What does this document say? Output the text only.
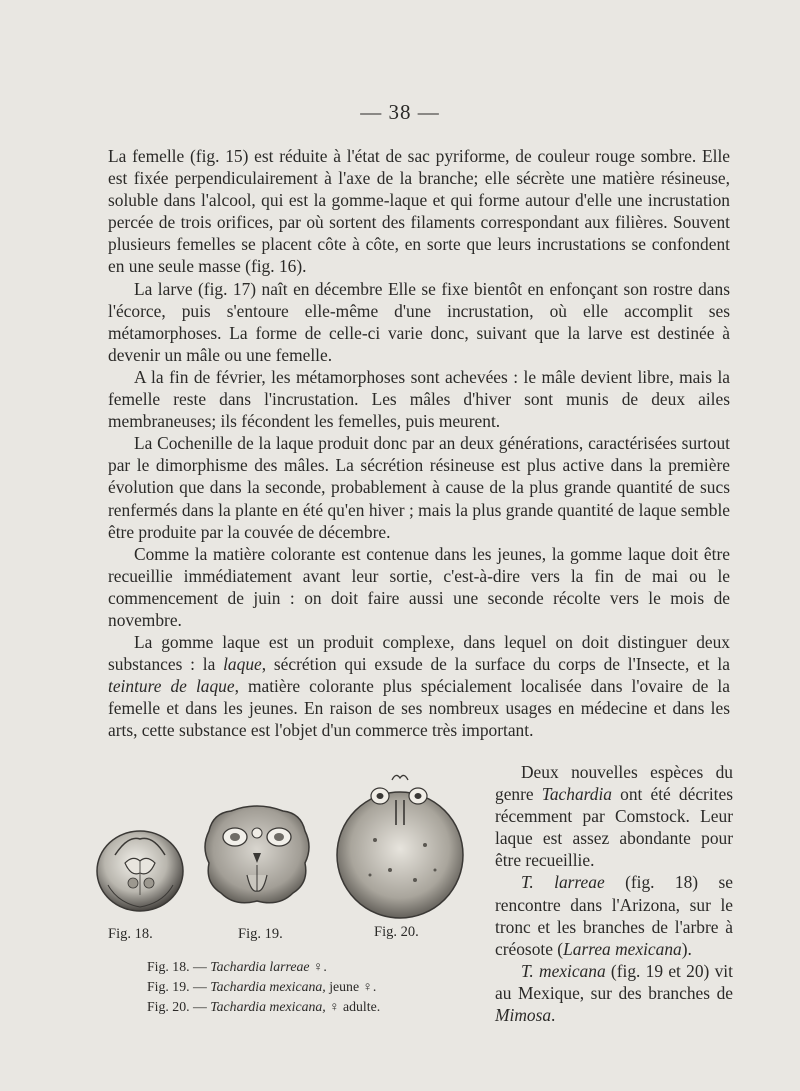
— 38 —

La femelle (fig. 15) est réduite à l'état de sac pyriforme, de couleur rouge sombre. Elle est fixée perpendiculairement à l'axe de la branche; elle sécrète une matière résineuse, soluble dans l'alcool, qui est la gomme-laque et qui forme autour d'elle une incrustation percée de trois orifices, par où sortent des filaments correspondant aux filières. Souvent plusieurs femelles se placent côte à côte, en sorte que leurs incrustations se confondent en une seule masse (fig. 16).

La larve (fig. 17) naît en décembre Elle se fixe bientôt en enfonçant son rostre dans l'écorce, puis s'entoure elle-même d'une incrustation, où elle accomplit ses métamorphoses. La forme de celle-ci varie donc, suivant que la larve est destinée à devenir un mâle ou une femelle.

A la fin de février, les métamorphoses sont achevées : le mâle devient libre, mais la femelle reste dans l'incrustation. Les mâles d'hiver sont munis de deux ailes membraneuses; ils fécondent les femelles, puis meurent.

La Cochenille de la laque produit donc par an deux générations, caractérisées surtout par le dimorphisme des mâles. La sécrétion résineuse est plus active dans la première évolution que dans la seconde, probablement à cause de la plus grande quantité de sucs renfermés dans la plante en été qu'en hiver ; mais la plus grande quantité de laque semble être produite par la couvée de décembre.

Comme la matière colorante est contenue dans les jeunes, la gomme laque doit être recueillie immédiatement avant leur sortie, c'est-à-dire vers la fin de mai ou le commencement de juin : on doit faire aussi une seconde récolte vers le mois de novembre.

La gomme laque est un produit complexe, dans lequel on doit distinguer deux substances : la laque, sécrétion qui exsude de la surface du corps de l'Insecte, et la teinture de laque, matière colorante plus spécialement localisée dans l'ovaire de la femelle et dans les jeunes. En raison de ses nombreux usages en médecine et dans les arts, cette substance est l'objet d'un commerce très important.

Deux nouvelles espèces du genre Tachardia ont été décrites récemment par Comstock. Leur laque est assez abondante pour être recueillie.

T. larreae (fig. 18) se rencontre dans l'Arizona, sur le tronc et les branches de l'arbre à créosote (Larrea mexicana).

T. mexicana (fig. 19 et 20) vit au Mexique, sur des branches de Mimosa.

Fig. 18.	Fig. 19.	Fig. 20.
Fig. 18. — Tachardia larreae ♀.
Fig. 19. — Tachardia mexicana, jeune ♀.
Fig. 20. — Tachardia mexicana, ♀ adulte.
